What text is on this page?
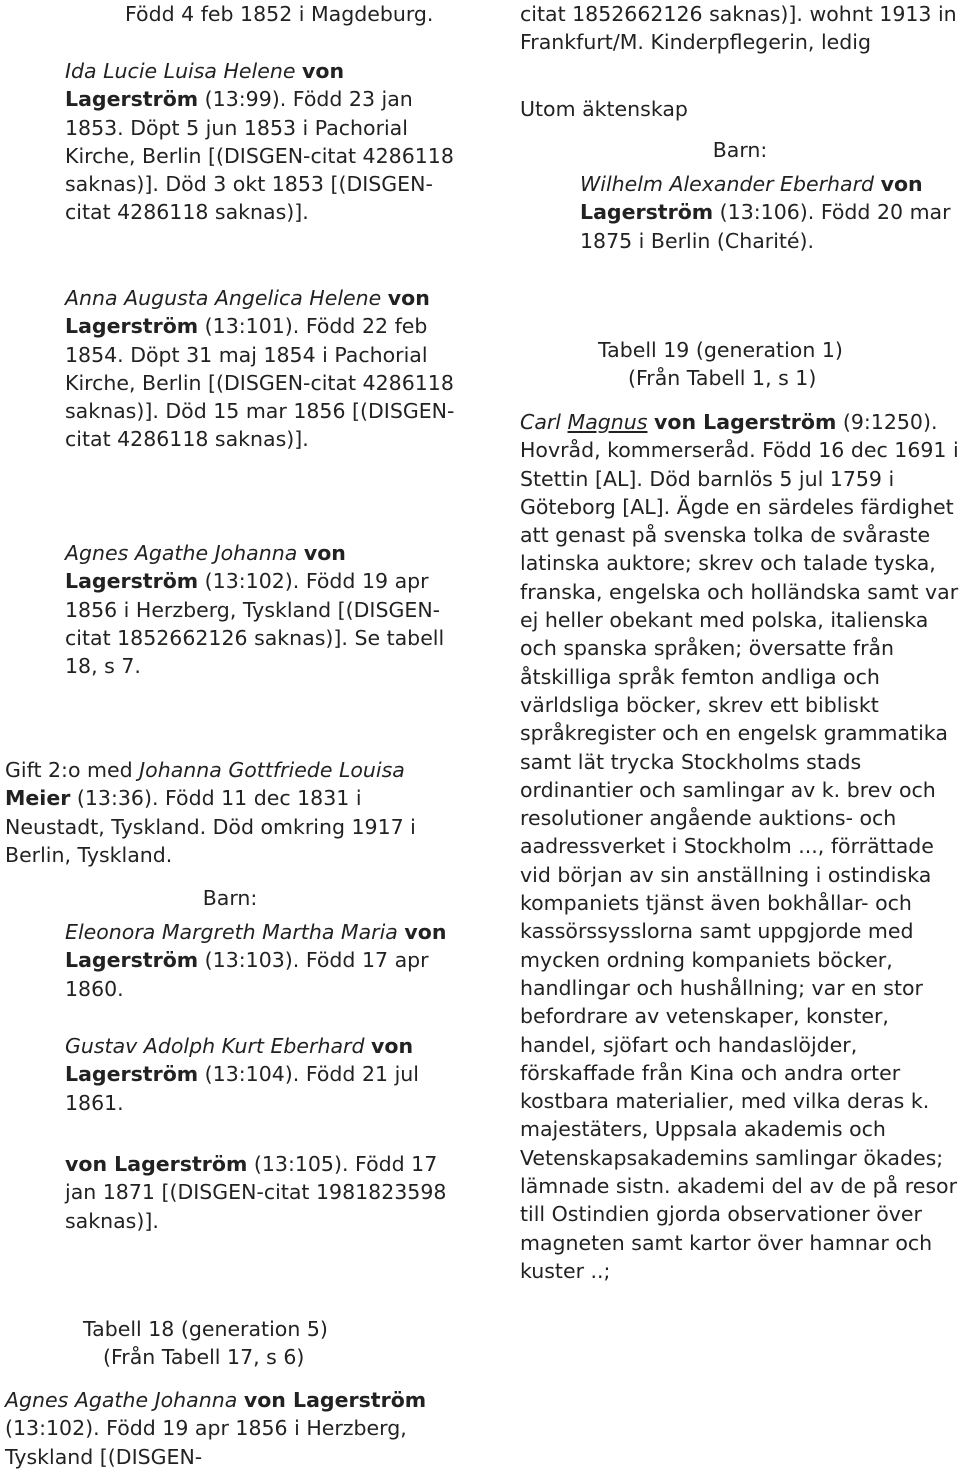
Född 4 feb 1852 i Magdeburg.
Ida Lucie Luisa Helene von Lagerström (13:99). Född 23 jan 1853. Döpt 5 jun 1853 i Pachorial Kirche, Berlin [(DISGEN-citat 4286118 saknas)]. Död 3 okt 1853 [(DISGEN-citat 4286118 saknas)].
Anna Augusta Angelica Helene von Lagerström (13:101). Född 22 feb 1854. Döpt 31 maj 1854 i Pachorial Kirche, Berlin [(DISGEN-citat 4286118 saknas)]. Död 15 mar 1856 [(DISGEN-citat 4286118 saknas)].
Agnes Agathe Johanna von Lagerström (13:102). Född 19 apr 1856 i Herzberg, Tyskland [(DISGEN-citat 1852662126 saknas)]. Se tabell 18, s 7.
Gift 2:o med Johanna Gottfriede Louisa Meier (13:36). Född 11 dec 1831 i Neustadt, Tyskland. Död omkring 1917 i Berlin, Tyskland.
Barn:
Eleonora Margreth Martha Maria von Lagerström (13:103). Född 17 apr 1860.
Gustav Adolph Kurt Eberhard von Lagerström (13:104). Född 21 jul 1861.
von Lagerström (13:105). Född 17 jan 1871 [(DISGEN-citat 1981823598 saknas)].
Tabell 18 (generation 5)
(Från Tabell 17, s 6)
Agnes Agathe Johanna von Lagerström (13:102). Född 19 apr 1856 i Herzberg, Tyskland [(DISGEN-
citat 1852662126 saknas)]. wohnt 1913 in Frankfurt/M. Kinderpflegerin, ledig
Utom äktenskap
Barn:
Wilhelm Alexander Eberhard von Lagerström (13:106). Född 20 mar 1875 i Berlin (Charité).
Tabell 19 (generation 1)
(Från Tabell 1, s 1)
Carl Magnus von Lagerström (9:1250). Hovråd, kommerseråd. Född 16 dec 1691 i Stettin [AL]. Död barnlös 5 jul 1759 i Göteborg [AL]. Ägde en särdeles färdighet att genast på svenska tolka de svåraste latinska auktore; skrev och talade tyska, franska, engelska och holländska samt var ej heller obekant med polska, italienska och spanska språken; översatte från åtskilliga språk femton andliga och världsliga böcker, skrev ett bibliskt språkregister och en engelsk grammatika samt lät trycka Stockholms stads ordinantier och samlingar av k. brev och resolutioner angående auktions- och aadressverket i Stockholm ..., förrättade vid början av sin anställning i ostindiska kompaniets tjänst även bokhållar- och kassörssysslorna samt uppgjorde med mycken ordning kompaniets böcker, handlingar och hushållning; var en stor befordrare av vetenskaper, konster, handel, sjöfart och handaslöjder, förskaffade från Kina och andra orter kostbara materialier, med vilka deras k. majestäters, Uppsala akademis och Vetenskapsakademins samlingar ökades; lämnade sistn. akademi del av de på resor till Ostindien gjorda observationer över magneten samt kartor över hamnar och kuster ..;
